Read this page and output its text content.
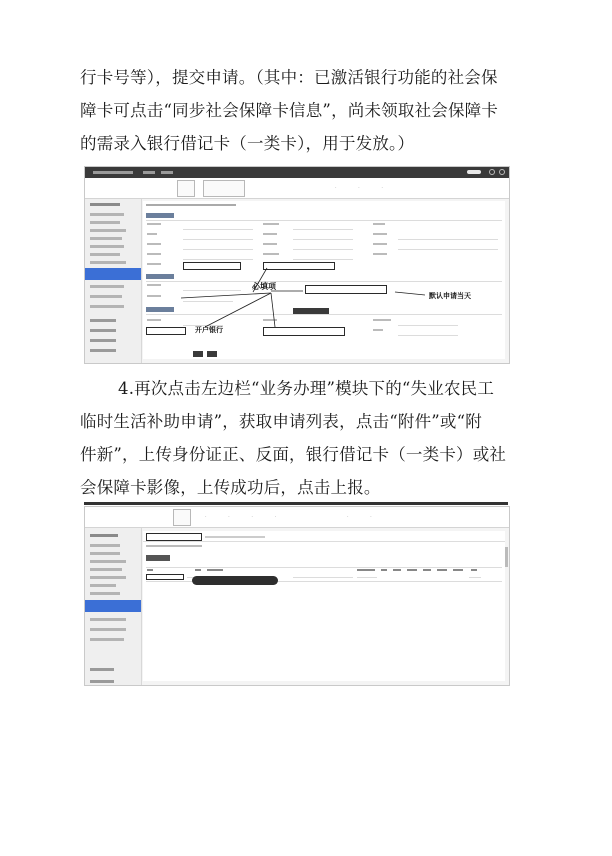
行卡号等），提交申请。（其中：已激活银行功能的社会保
障卡可点击“同步社会保障卡信息”，尚未领取社会保障卡
的需录入银行借记卡（一类卡），用于发放。）
· · ·
必填项
默认申请当天
开户银行
4.再次点击左边栏“业务办理”模块下的“失业农民工
临时生活补助申请”，获取申请列表，点击“附件”或“附
件新”，上传身份证正、反面，银行借记卡（一类卡）或社
会保障卡影像，上传成功后，点击上报。
· · · ·	· ·
